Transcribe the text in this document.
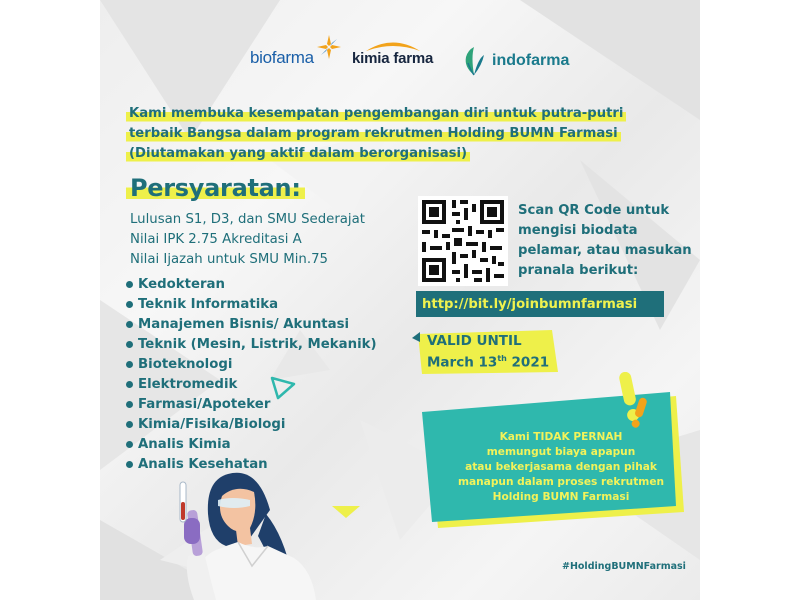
biofarma	kimia farma	indofarma
Kami membuka kesempatan pengembangan diri untuk putra-putri
terbaik Bangsa dalam program rekrutmen Holding BUMN Farmasi
(Diutamakan yang aktif dalam berorganisasi)
Persyaratan:
Lulusan S1, D3, dan SMU Sederajat
Nilai IPK 2.75 Akreditasi A
Nilai Ijazah untuk SMU Min.75
Kedokteran
Teknik Informatika
Manajemen Bisnis/ Akuntasi
Teknik (Mesin, Listrik, Mekanik)
Bioteknologi
Elektromedik
Farmasi/Apoteker
Kimia/Fisika/Biologi
Analis Kimia
Analis Kesehatan
Scan QR Code untuk
mengisi biodata
pelamar, atau masukan
pranala berikut:
http://bit.ly/joinbumnfarmasi
VALID UNTIL
March 13th 2021
Kami TIDAK PERNAH
memungut biaya apapun
atau bekerjasama dengan pihak
manapun dalam proses rekrutmen
Holding BUMN Farmasi
#HoldingBUMNFarmasi
